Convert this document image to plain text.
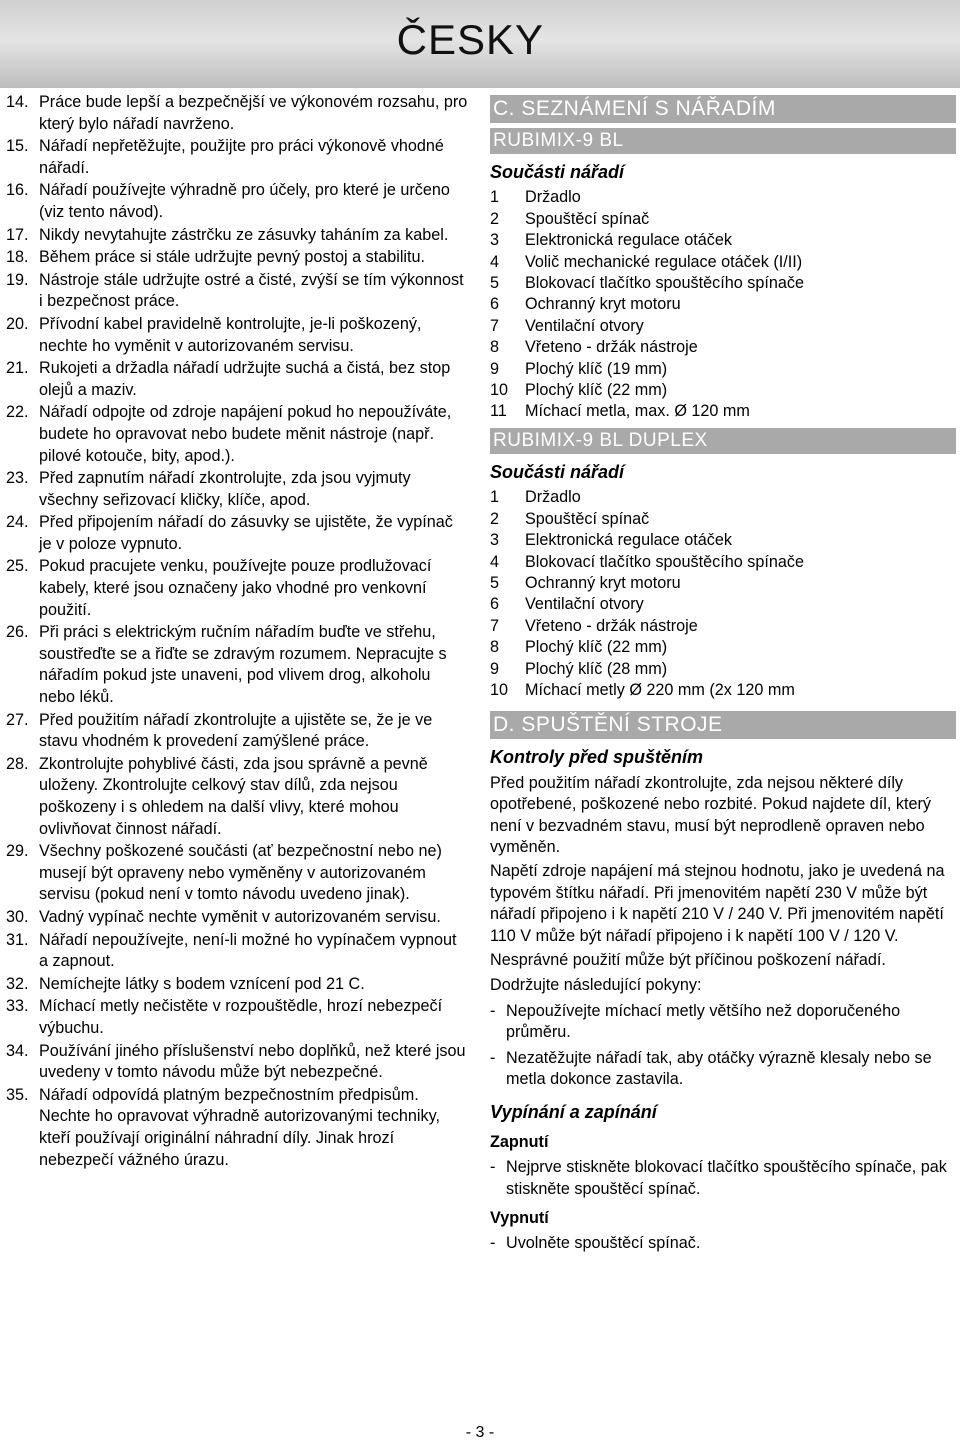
ČESKY
14. Práce bude lepší a bezpečnější ve výkonovém rozsahu, pro který bylo nářadí navrženo.
15. Nářadí nepřetěžujte, použijte pro práci výkonově vhodné nářadí.
16. Nářadí používejte výhradně pro účely, pro které je určeno (viz tento návod).
17. Nikdy nevytahujte zástrčku ze zásuvky taháním za kabel.
18. Během práce si stále udržujte pevný postoj a stabilitu.
19. Nástroje stále udržujte ostré a čisté, zvýší se tím výkonnost i bezpečnost práce.
20. Přívodní kabel pravidelně kontrolujte, je-li poškozený, nechte ho vyměnit v autorizovaném servisu.
21. Rukojeti a držadla nářadí udržujte suchá a čistá, bez stop olejů a maziv.
22. Nářadí odpojte od zdroje napájení pokud ho nepoužíváte, budete ho opravovat nebo budete měnit nástroje (např. pilové kotouče, bity, apod.).
23. Před zapnutím nářadí zkontrolujte, zda jsou vyjmuty všechny seřizovací kličky, klíče, apod.
24. Před připojením nářadí do zásuvky se ujistěte, že vypínač je v poloze vypnuto.
25. Pokud pracujete venku, používejte pouze prodlužovací kabely, které jsou označeny jako vhodné pro venkovní použití.
26. Při práci s elektrickým ručním nářadím buďte ve střehu, soustřeďte se a řiďte se zdravým rozumem. Nepracujte s nářadím pokud jste unaveni, pod vlivem drog, alkoholu nebo léků.
27. Před použitím nářadí zkontrolujte a ujistěte se, že je ve stavu vhodném k provedení zamýšlené práce.
28. Zkontrolujte pohyblivé části, zda jsou správně a pevně uloženy. Zkontrolujte celkový stav dílů, zda nejsou poškozeny i s ohledem na další vlivy, které mohou ovlivňovat činnost nářadí.
29. Všechny poškozené součásti (ať bezpečnostní nebo ne) musejí být opraveny nebo vyměněny v autorizovaném servisu (pokud není v tomto návodu uvedeno jinak).
30. Vadný vypínač nechte vyměnit v autorizovaném servisu.
31. Nářadí nepoužívejte, není-li možné ho vypínačem vypnout a zapnout.
32. Nemíchejte látky s bodem vznícení pod 21 C.
33. Míchací metly nečistěte v rozpouštědle, hrozí nebezpečí výbuchu.
34. Používání jiného příslušenství nebo doplňků, než které jsou uvedeny v tomto návodu může být nebezpečné.
35. Nářadí odpovídá platným bezpečnostním předpisům. Nechte ho opravovat výhradně autorizovanými techniky, kteří používají originální náhradní díly. Jinak hrozí nebezpečí vážného úrazu.
C. SEZNÁMENÍ S NÁŘADÍM
RUBIMIX-9 BL
Součásti nářadí
1	Držadlo
2	Spouštěcí spínač
3	Elektronická regulace otáček
4	Volič mechanické regulace otáček (I/II)
5	Blokovací tlačítko spouštěcího spínače
6	Ochranný kryt motoru
7	Ventilační otvory
8	Vřeteno - držák nástroje
9	Plochý klíč (19 mm)
10	Plochý klíč (22 mm)
11	Míchací metla, max. Ø 120 mm
RUBIMIX-9 BL DUPLEX
Součásti nářadí
1	Držadlo
2	Spouštěcí spínač
3	Elektronická regulace otáček
4	Blokovací tlačítko spouštěcího spínače
5	Ochranný kryt motoru
6	Ventilační otvory
7	Vřeteno - držák nástroje
8	Plochý klíč (22 mm)
9	Plochý klíč (28 mm)
10	Míchací metly Ø 220 mm (2x 120 mm
D. SPUŠTĚNÍ STROJE
Kontroly před spuštěním

Před použitím nářadí zkontrolujte, zda nejsou některé díly opotřebené, poškozené nebo rozbité. Pokud najdete díl, který není v bezvadném stavu, musí být neprodleně opraven nebo vyměněn.

Napětí zdroje napájení má stejnou hodnotu, jako je uvedená na typovém štítku nářadí. Při jmenovitém napětí 230 V může být nářadí připojeno i k napětí 210 V / 240 V. Při jmenovitém napětí 110 V může být nářadí připojeno i k napětí 100 V / 120 V.

Nesprávné použití může být příčinou poškození nářadí.

Dodržujte následující pokyny:

- Nepoužívejte míchací metly většího než doporučeného průměru.
- Nezatěžujte nářadí tak, aby otáčky výrazně klesaly nebo se metla dokonce zastavila.
Vypínání a zapínání
Zapnutí
- Nejprve stiskněte blokovací tlačítko spouštěcího spínače, pak stiskněte spouštěcí spínač.
Vypnutí
- Uvolněte spouštěcí spínač.
- 3 -
